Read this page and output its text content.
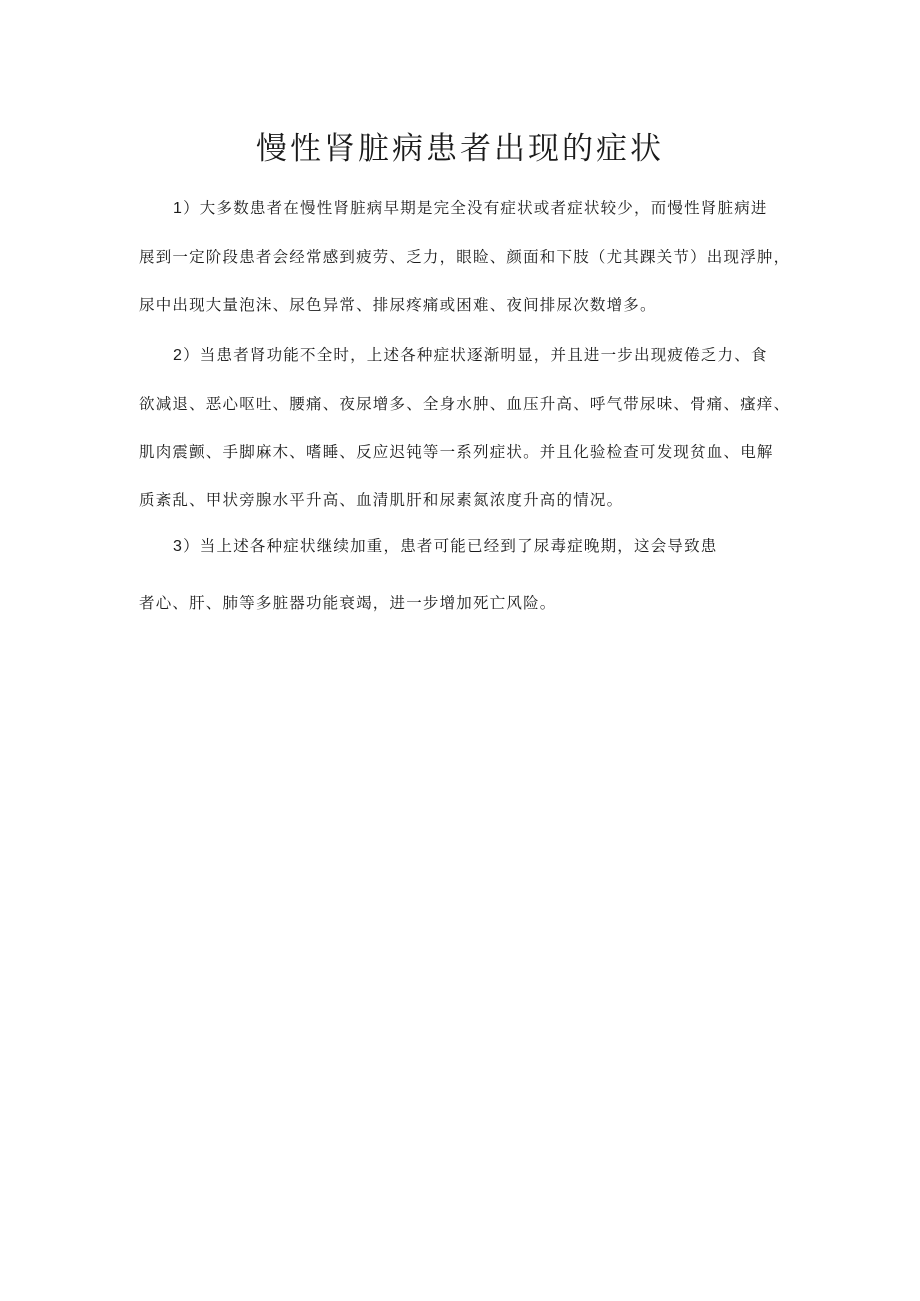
慢性肾脏病患者出现的症状
1）大多数患者在慢性肾脏病早期是完全没有症状或者症状较少，而慢性肾脏病进
展到一定阶段患者会经常感到疲劳、乏力，眼睑、颜面和下肢（尤其踝关节）出现浮肿，
尿中出现大量泡沫、尿色异常、排尿疼痛或困难、夜间排尿次数增多。
2）当患者肾功能不全时，上述各种症状逐渐明显，并且进一步出现疲倦乏力、食
欲减退、恶心呕吐、腰痛、夜尿增多、全身水肿、血压升高、呼气带尿味、骨痛、瘙痒、
肌肉震颤、手脚麻木、嗜睡、反应迟钝等一系列症状。并且化验检查可发现贫血、电解
质紊乱、甲状旁腺水平升高、血清肌肝和尿素氮浓度升高的情况。
3）当上述各种症状继续加重，患者可能已经到了尿毒症晚期，这会导致患
者心、肝、肺等多脏器功能衰竭，进一步增加死亡风险。
